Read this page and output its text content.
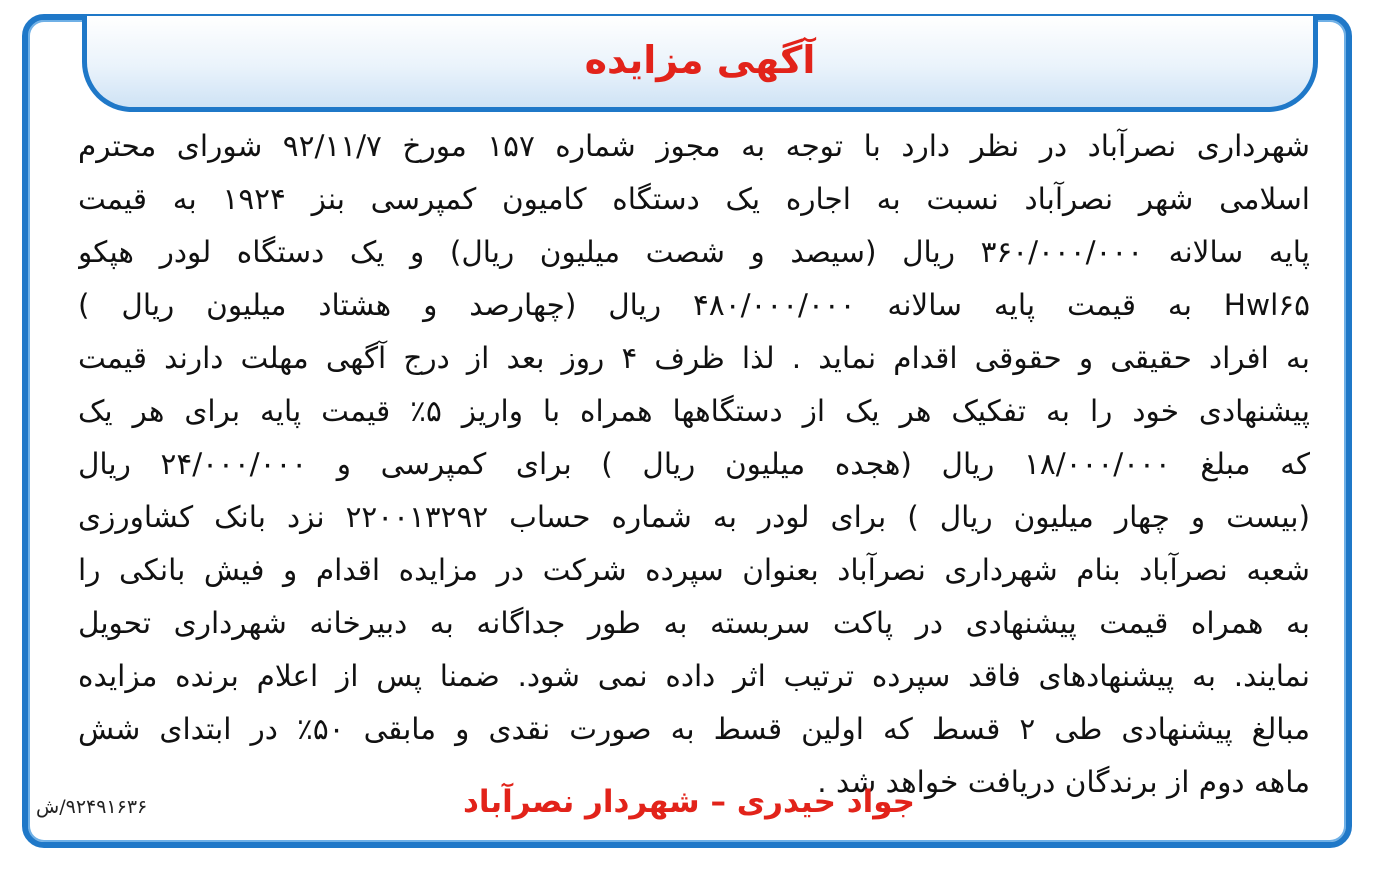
آگهی مزایده
شهرداری نصرآباد در نظر دارد با توجه به مجوز شماره ۱۵۷ مورخ ۹۲/۱۱/۷ شورای محترم
اسلامی شهر نصرآباد نسبت به اجاره یک دستگاه کامیون کمپرسی بنز ۱۹۲۴ به قیمت
پایه سالانه ۳۶۰/۰۰۰/۰۰۰ ریال (سیصد و شصت میلیون ریال) و یک دستگاه لودر هپکو
Hwl۶۵ به قیمت پایه سالانه ۴۸۰/۰۰۰/۰۰۰ ریال (چهارصد و هشتاد میلیون ریال )
به افراد حقیقی و حقوقی اقدام نماید . لذا ظرف ۴ روز بعد از درج آگهی مهلت دارند قیمت
پیشنهادی خود را به تفکیک هر یک از دستگاهها همراه با واریز ۵٪ قیمت پایه برای هر یک
که مبلغ ۱۸/۰۰۰/۰۰۰ ریال (هجده میلیون ریال ) برای کمپرسی و ۲۴/۰۰۰/۰۰۰ ریال
(بیست و چهار میلیون ریال ) برای لودر به شماره حساب ۲۲۰۰۱۳۲۹۲ نزد بانک کشاورزی
شعبه نصرآباد بنام شهرداری نصرآباد بعنوان سپرده شرکت در مزایده اقدام و فیش بانکی را
به همراه قیمت پیشنهادی در پاکت سربسته به طور جداگانه به دبیرخانه شهرداری تحویل
نمایند. به پیشنهادهای فاقد سپرده ترتیب اثر داده نمی شود. ضمنا پس از اعلام برنده مزایده
مبالغ پیشنهادی طی ۲ قسط که اولین قسط به صورت نقدی و مابقی ۵۰٪ در ابتدای شش
ماهه دوم از برندگان دریافت خواهد شد .
جواد حیدری – شهردار نصرآباد
۹۲۴۹۱۶۳۶/ش
